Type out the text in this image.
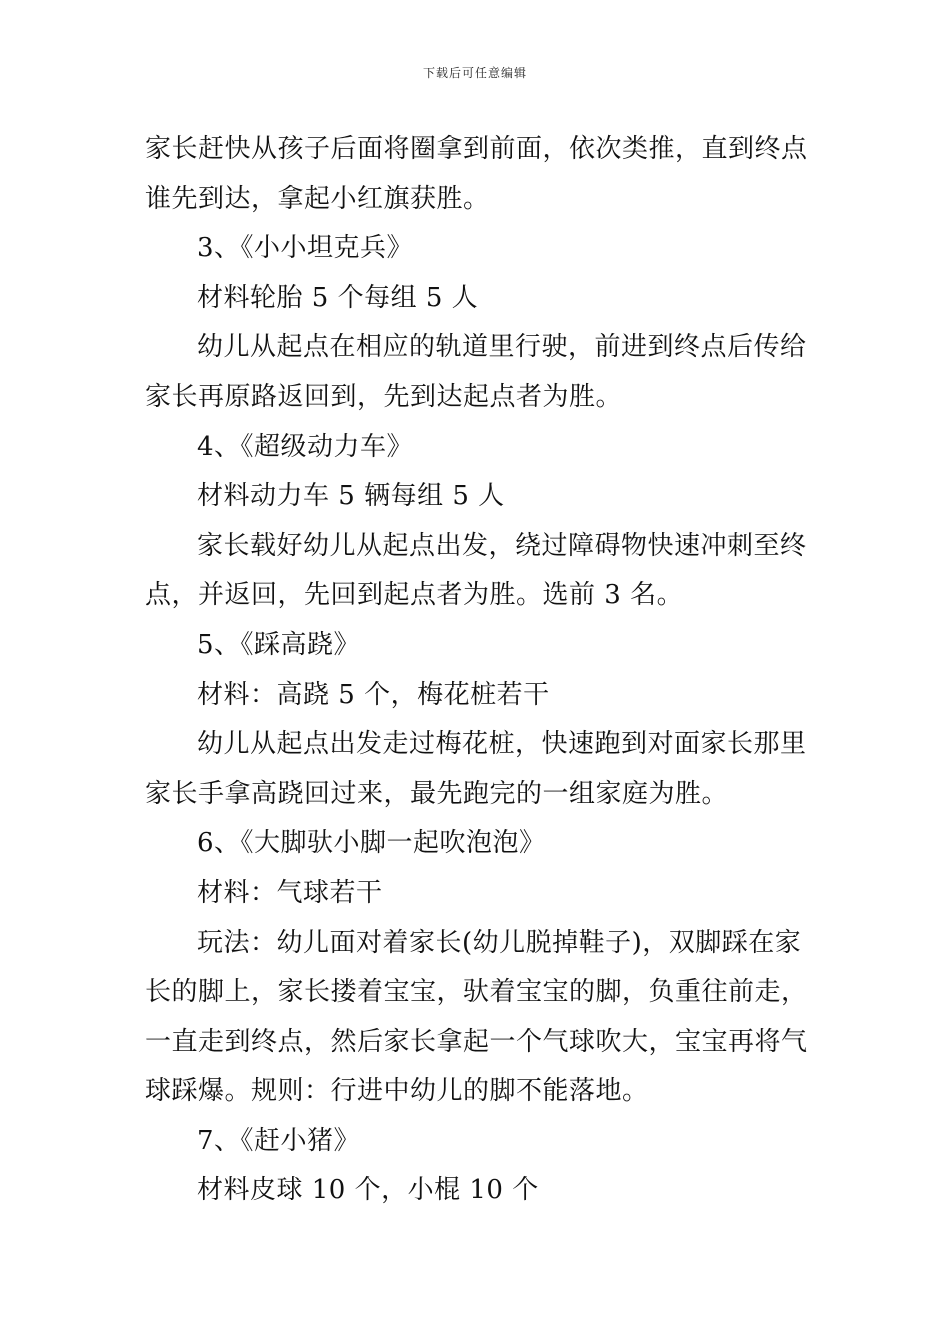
下载后可任意编辑
家长赶快从孩子后面将圈拿到前面，依次类推，直到终点
谁先到达，拿起小红旗获胜。
3、《小小坦克兵》
材料轮胎 5 个每组 5 人
幼儿从起点在相应的轨道里行驶，前进到终点后传给
家长再原路返回到，先到达起点者为胜。
4、《超级动力车》
材料动力车 5 辆每组 5 人
家长载好幼儿从起点出发，绕过障碍物快速冲刺至终
点，并返回，先回到起点者为胜。选前 3 名。
5、《踩高跷》
材料：高跷 5 个，梅花桩若干
幼儿从起点出发走过梅花桩，快速跑到对面家长那里
家长手拿高跷回过来，最先跑完的一组家庭为胜。
6、《大脚驮小脚一起吹泡泡》
材料：气球若干
玩法：幼儿面对着家长(幼儿脱掉鞋子)，双脚踩在家
长的脚上，家长搂着宝宝，驮着宝宝的脚，负重往前走，
一直走到终点，然后家长拿起一个气球吹大，宝宝再将气
球踩爆。规则：行进中幼儿的脚不能落地。
7、《赶小猪》
材料皮球 10 个，小棍 10 个
